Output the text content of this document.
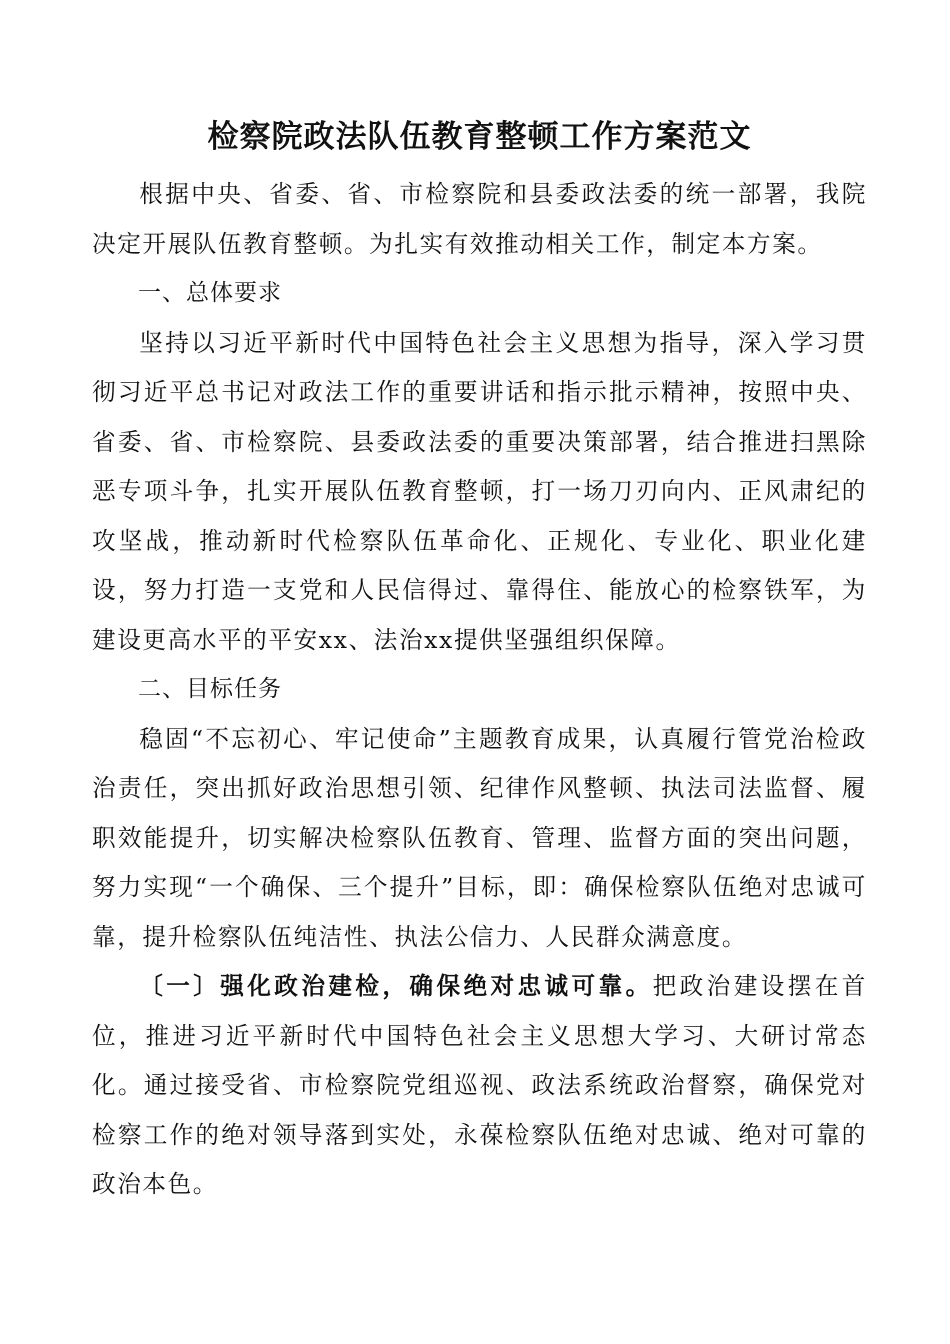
检察院政法队伍教育整顿工作方案范文

根据中央、省委、省、市检察院和县委政法委的统一部署，我院决定开展队伍教育整顿。为扎实有效推动相关工作，制定本方案。

一、总体要求

坚持以习近平新时代中国特色社会主义思想为指导，深入学习贯彻习近平总书记对政法工作的重要讲话和指示批示精神，按照中央、省委、省、市检察院、县委政法委的重要决策部署，结合推进扫黑除恶专项斗争，扎实开展队伍教育整顿，打一场刀刃向内、正风肃纪的攻坚战，推动新时代检察队伍革命化、正规化、专业化、职业化建设，努力打造一支党和人民信得过、靠得住、能放心的检察铁军，为建设更高水平的平安xx、法治xx提供坚强组织保障。

二、目标任务

稳固“不忘初心、牢记使命”主题教育成果，认真履行管党治检政治责任，突出抓好政治思想引领、纪律作风整顿、执法司法监督、履职效能提升，切实解决检察队伍教育、管理、监督方面的突出问题，努力实现“一个确保、三个提升”目标，即：确保检察队伍绝对忠诚可靠，提升检察队伍纯洁性、执法公信力、人民群众满意度。

〔一〕强化政治建检，确保绝对忠诚可靠。把政治建设摆在首位，推进习近平新时代中国特色社会主义思想大学习、大研讨常态化。通过接受省、市检察院党组巡视、政法系统政治督察，确保党对检察工作的绝对领导落到实处，永葆检察队伍绝对忠诚、绝对可靠的政治本色。
